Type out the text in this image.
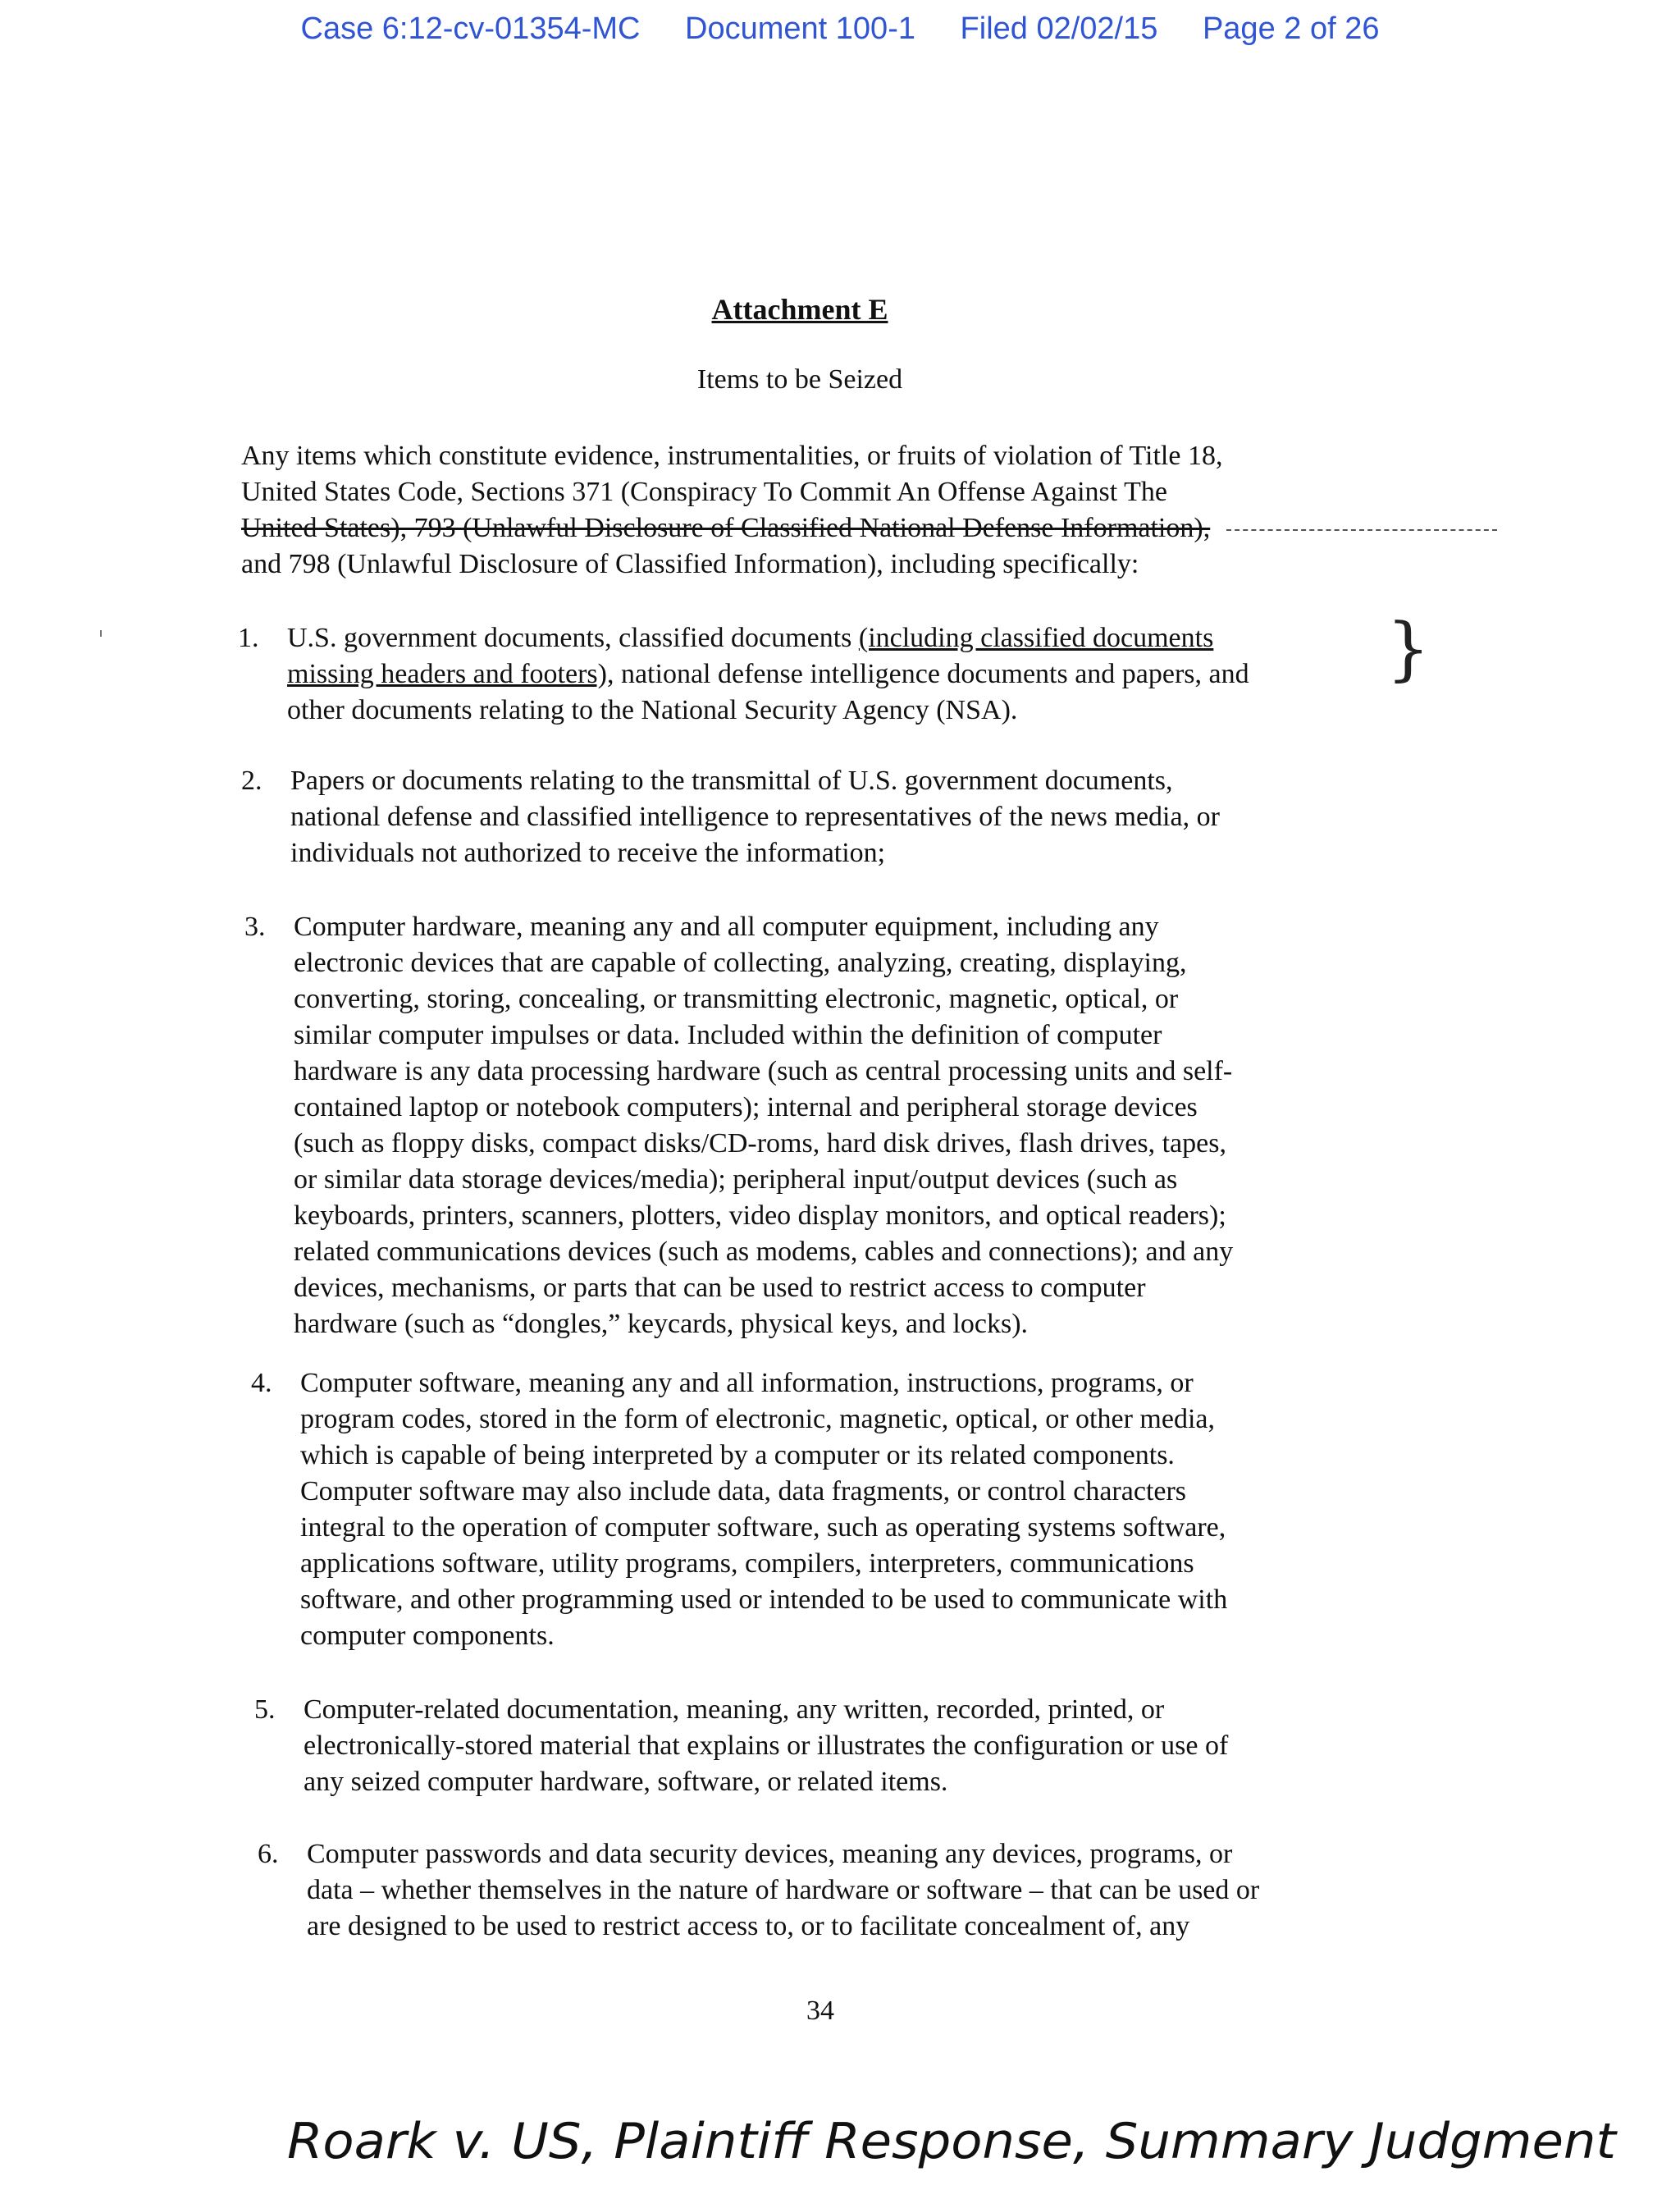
Case 6:12-cv-01354-MC Document 100-1 Filed 02/02/15 Page 2 of 26
Attachment E
Items to be Seized
Any items which constitute evidence, instrumentalities, or fruits of violation of Title 18,
United States Code, Sections 371 (Conspiracy To Commit An Offense Against The
United States), 793 (Unlawful Disclosure of Classified National Defense Information),
and 798 (Unlawful Disclosure of Classified Information), including specifically:
1.	U.S. government documents, classified documents (including classified documents
missing headers and footers), national defense intelligence documents and papers, and
other documents relating to the National Security Agency (NSA).
}
2.	Papers or documents relating to the transmittal of U.S. government documents,
national defense and classified intelligence to representatives of the news media, or
individuals not authorized to receive the information;
3.	Computer hardware, meaning any and all computer equipment, including any
electronic devices that are capable of collecting, analyzing, creating, displaying,
converting, storing, concealing, or transmitting electronic, magnetic, optical, or
similar computer impulses or data. Included within the definition of computer
hardware is any data processing hardware (such as central processing units and self-
contained laptop or notebook computers); internal and peripheral storage devices
(such as floppy disks, compact disks/CD-roms, hard disk drives, flash drives, tapes,
or similar data storage devices/media); peripheral input/output devices (such as
keyboards, printers, scanners, plotters, video display monitors, and optical readers);
related communications devices (such as modems, cables and connections); and any
devices, mechanisms, or parts that can be used to restrict access to computer
hardware (such as “dongles,” keycards, physical keys, and locks).
4.	Computer software, meaning any and all information, instructions, programs, or
program codes, stored in the form of electronic, magnetic, optical, or other media,
which is capable of being interpreted by a computer or its related components.
Computer software may also include data, data fragments, or control characters
integral to the operation of computer software, such as operating systems software,
applications software, utility programs, compilers, interpreters, communications
software, and other programming used or intended to be used to communicate with
computer components.
5.	Computer-related documentation, meaning, any written, recorded, printed, or
electronically-stored material that explains or illustrates the configuration or use of
any seized computer hardware, software, or related items.
6.	Computer passwords and data security devices, meaning any devices, programs, or
data – whether themselves in the nature of hardware or software – that can be used or
are designed to be used to restrict access to, or to facilitate concealment of, any
34
Roark v. US, Plaintiff Response, Summary Judgment
